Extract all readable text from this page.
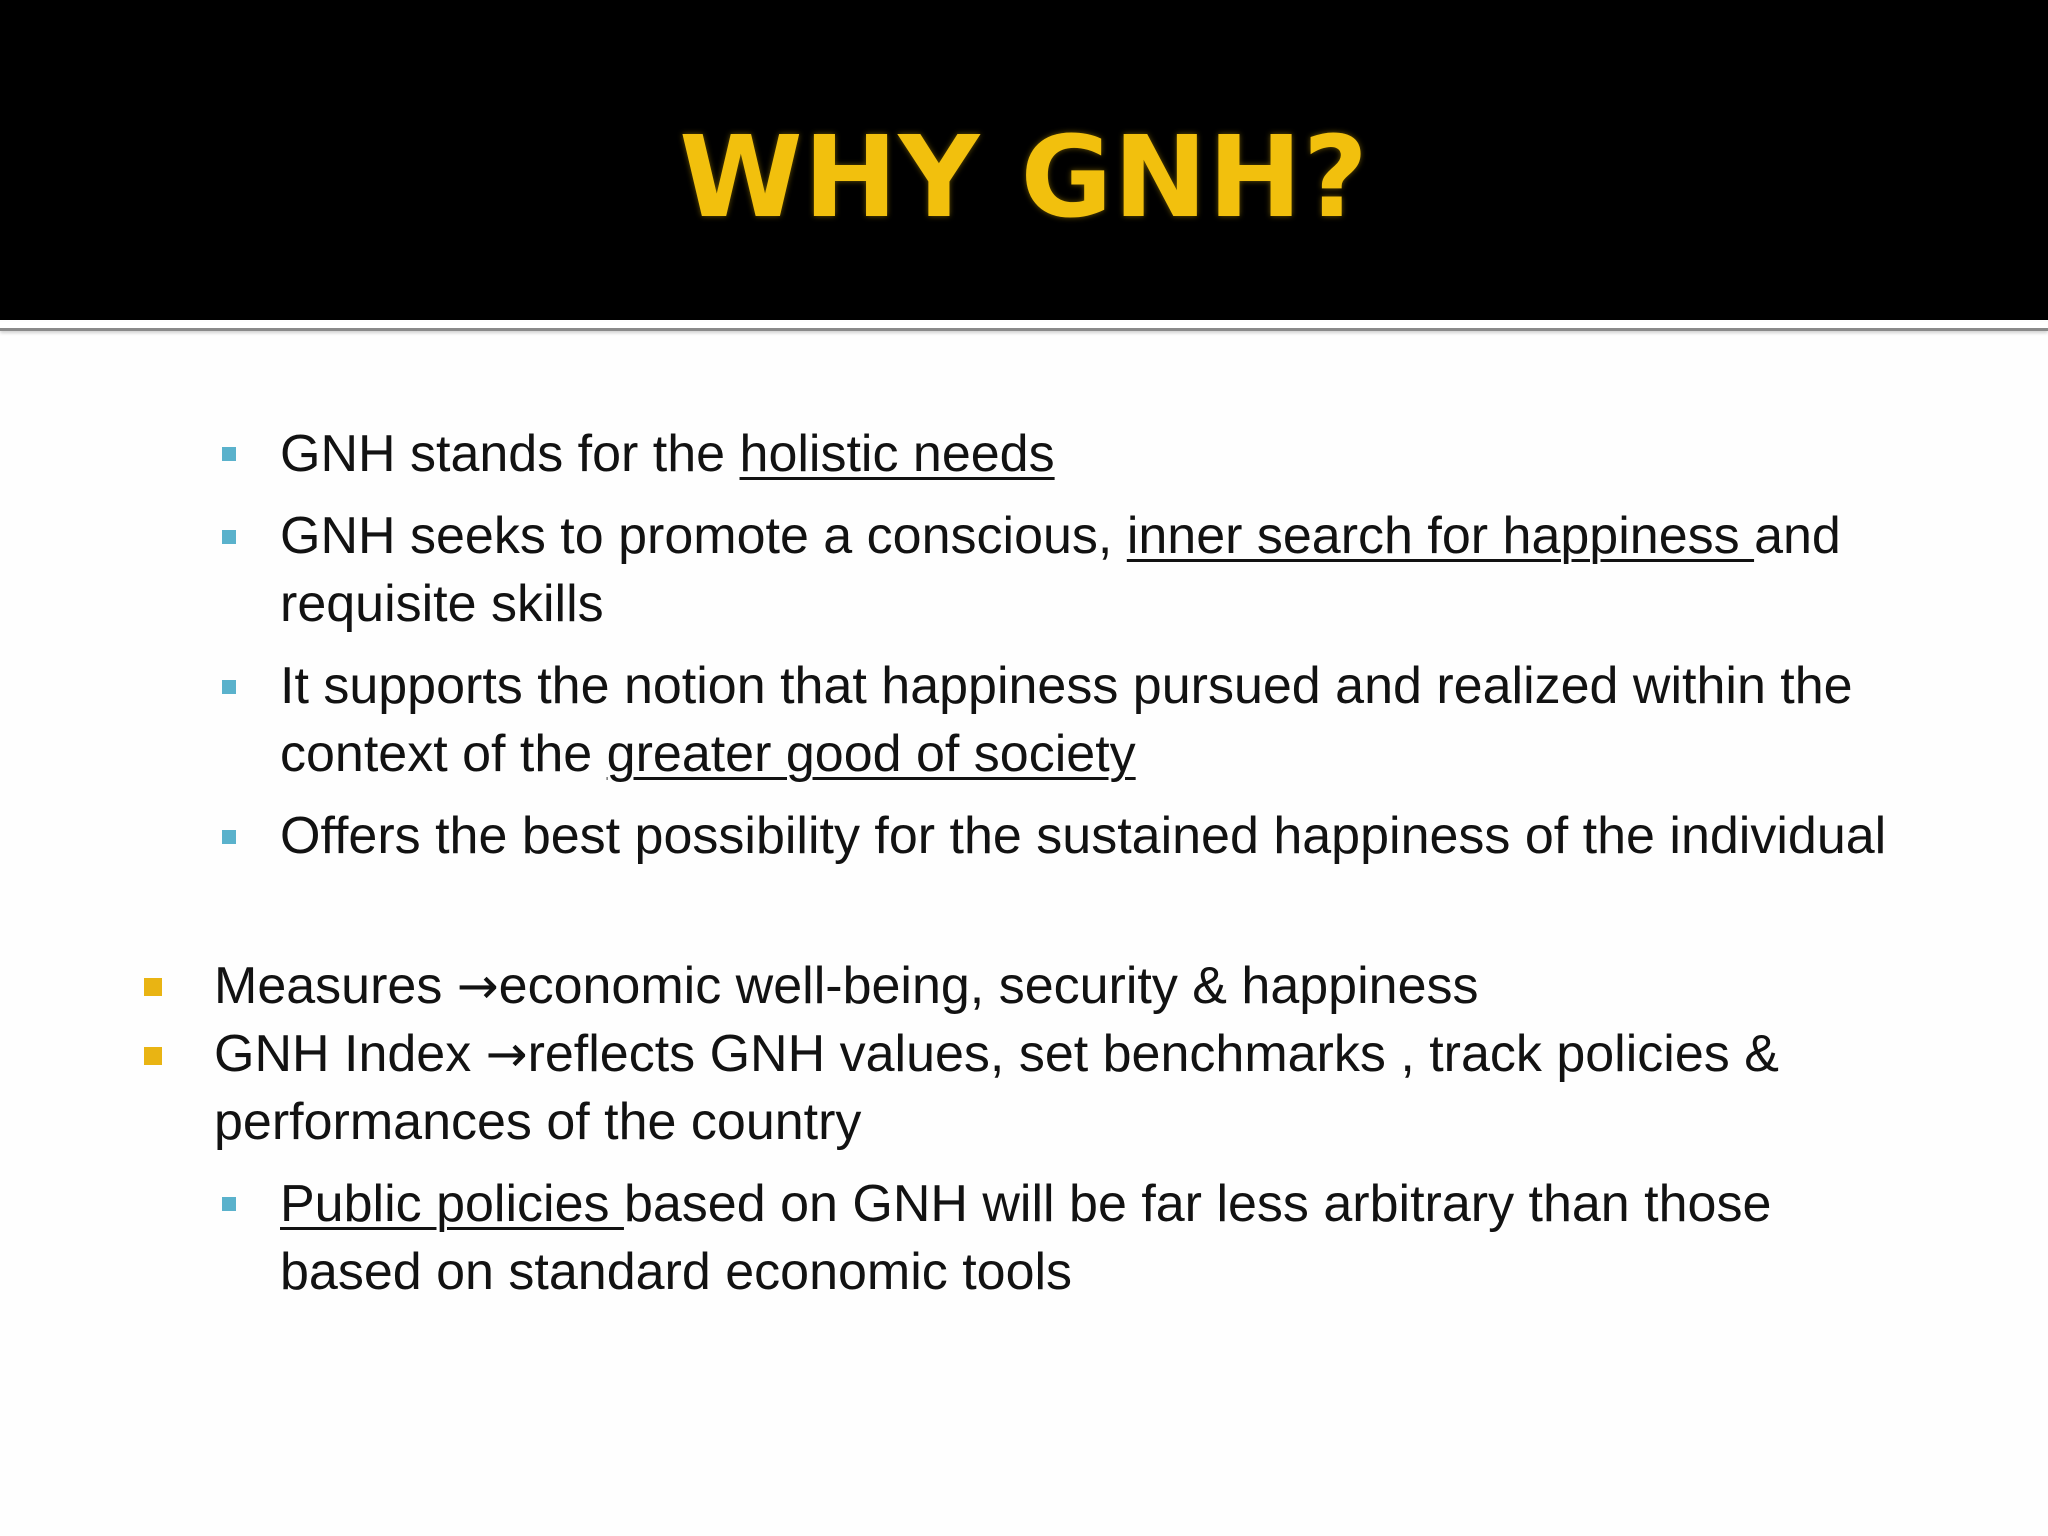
WHY GNH?
GNH stands for the holistic needs
GNH seeks to promote a conscious, inner search for happiness and
requisite skills
It supports the notion that happiness pursued and realized within the
context of the greater good of society
Offers the best possibility for the sustained happiness of the individual
Measures →economic well-being, security & happiness
GNH Index →reflects GNH values, set benchmarks , track policies &
performances of the country
Public policies based on GNH will be far less arbitrary than those
based on standard economic tools
